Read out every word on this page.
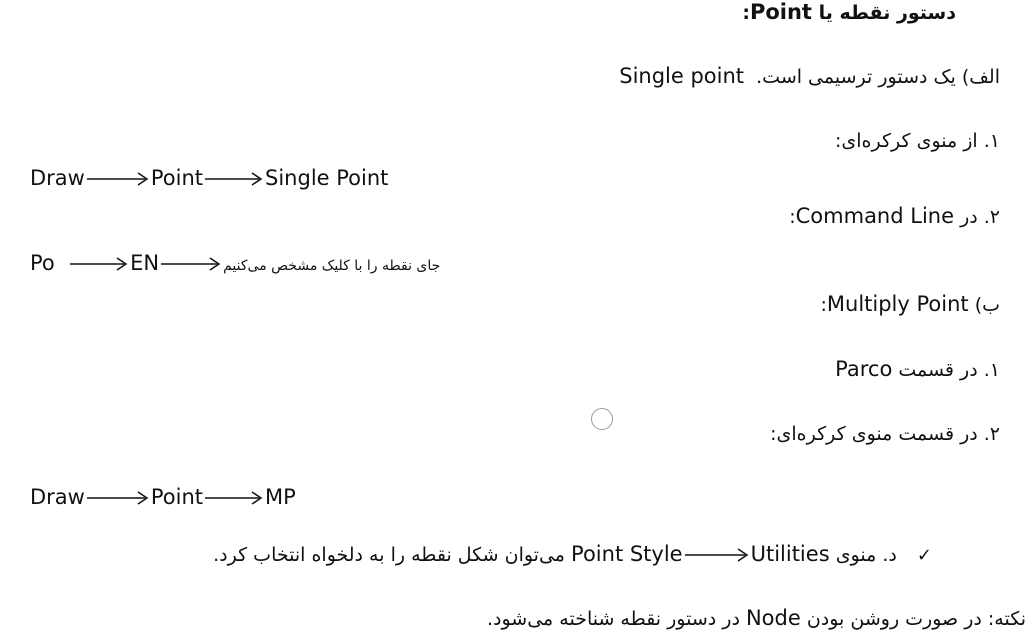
دستور نقطه یا Point:
الف) یک دستور ترسیمی است.  Single point
۱. از منوی کرکره‌ای:
Draw	Point	Single Point
۲. در Command Line:
Po	EN	جای نقطه را با کلیک مشخص می‌کنیم
ب) Multiply Point:
۱. در قسمت Parco
۲. در قسمت منوی کرکره‌ای:
Draw	Point	MP
✓ د. منوی Point Style	Utilities می‌توان شکل نقطه را به دلخواه انتخاب کرد.
نکته: در صورت روشن بودن Node در دستور نقطه شناخته می‌شود.
